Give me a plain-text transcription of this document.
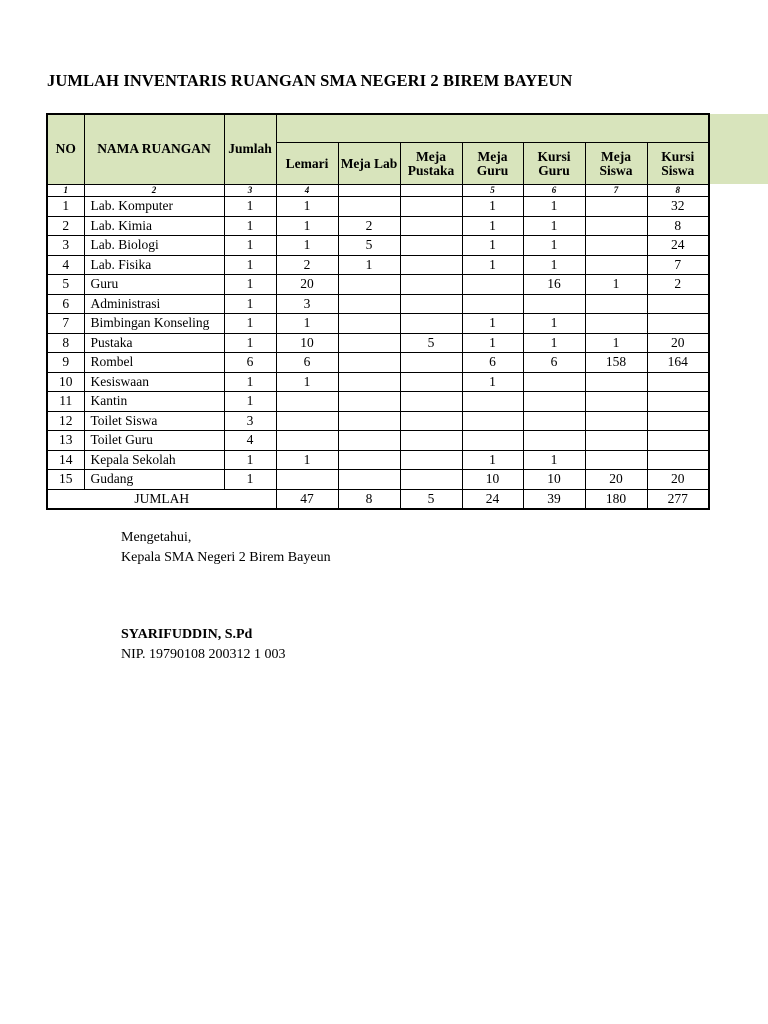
JUMLAH INVENTARIS RUANGAN SMA NEGERI 2 BIREM BAYEUN
NO	NAMA RUANGAN	Jumlah							
			Lemari	Meja Lab	Meja Pustaka	Meja Guru	Kursi Guru	Meja Siswa	Kursi Siswa
1	2	3	4			5	6	7	8
1	Lab. Komputer	1	1			1	1		32
2	Lab. Kimia	1	1	2		1	1		8
3	Lab. Biologi	1	1	5		1	1		24
4	Lab. Fisika	1	2	1		1	1		7
5	Guru	1	20				16	1	2
6	Administrasi	1	3						
7	Bimbingan Konseling	1	1			1	1		
8	Pustaka	1	10		5	1	1	1	20
9	Rombel	6	6			6	6	158	164
10	Kesiswaan	1	1			1			
11	Kantin	1							
12	Toilet Siswa	3							
13	Toilet Guru	4							
14	Kepala Sekolah	1	1			1	1		
15	Gudang	1				10	10	20	20
JUMLAH			47	8	5	24	39	180	277
Mengetahui,
Kepala SMA Negeri 2 Birem Bayeun
SYARIFUDDIN, S.Pd
NIP. 19790108 200312 1 003
